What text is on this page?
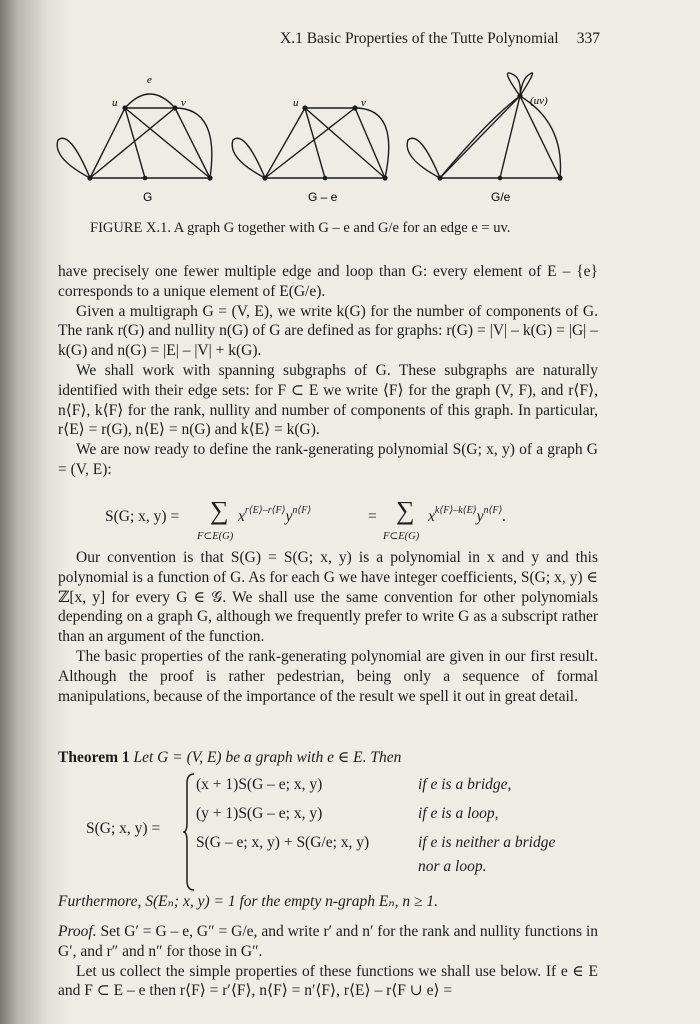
X.1 Basic Properties of the Tutte Polynomial 337
u	v
e
G
u	v
G – e
(uv)
G/e
FIGURE X.1. A graph G together with G – e and G/e for an edge e = uv.

have precisely one fewer multiple edge and loop than G: every element of E – {e} corresponds to a unique element of E(G/e).

Given a multigraph G = (V, E), we write k(G) for the number of components of G. The rank r(G) and nullity n(G) of G are defined as for graphs: r(G) = |V| – k(G) = |G| – k(G) and n(G) = |E| – |V| + k(G).

We shall work with spanning subgraphs of G. These subgraphs are naturally identified with their edge sets: for F ⊂ E we write ⟨F⟩ for the graph (V, F), and r⟨F⟩, n⟨F⟩, k⟨F⟩ for the rank, nullity and number of components of this graph. In particular, r⟨E⟩ = r(G), n⟨E⟩ = n(G) and k⟨E⟩ = k(G).

We are now ready to define the rank-generating polynomial S(G; x, y) of a graph G = (V, E):

S(G; x, y) = ∑ $x^{r⟨E⟩-r⟨F⟩}y^{n⟨F⟩}$
F⊂E(G)
= ∑ $x^{k⟨F⟩-k⟨E⟩}y^{n⟨F⟩}$.
F⊂E(G)

Our convention is that S(G) = S(G; x, y) is a polynomial in x and y and this polynomial is a function of G. As for each G we have integer coefficients, S(G; x, y) ∈ ℤ[x, y] for every G ∈ 𝒢. We shall use the same convention for other polynomials depending on a graph G, although we frequently prefer to write G as a subscript rather than an argument of the function.

The basic properties of the rank-generating polynomial are given in our first result. Although the proof is rather pedestrian, being only a sequence of formal manipulations, because of the importance of the result we spell it out in great detail.

Theorem 1 Let G = (V, E) be a graph with e ∈ E. Then
S(G; x, y) =
(x + 1)S(G – e; x, y)	if e is a bridge,
(y + 1)S(G – e; x, y)	if e is a loop,
S(G – e; x, y) + S(G/e; x, y)	if e is neither a bridge
nor a loop.

Furthermore, S(Eₙ; x, y) = 1 for the empty n-graph Eₙ, n ≥ 1.

Proof. Set G′ = G – e, G″ = G/e, and write r′ and n′ for the rank and nullity functions in G′, and r″ and n″ for those in G″.

Let us collect the simple properties of these functions we shall use below. If e ∈ E and F ⊂ E – e then r⟨F⟩ = r′⟨F⟩, n⟨F⟩ = n′⟨F⟩, r⟨E⟩ – r⟨F ∪ e⟩ =
